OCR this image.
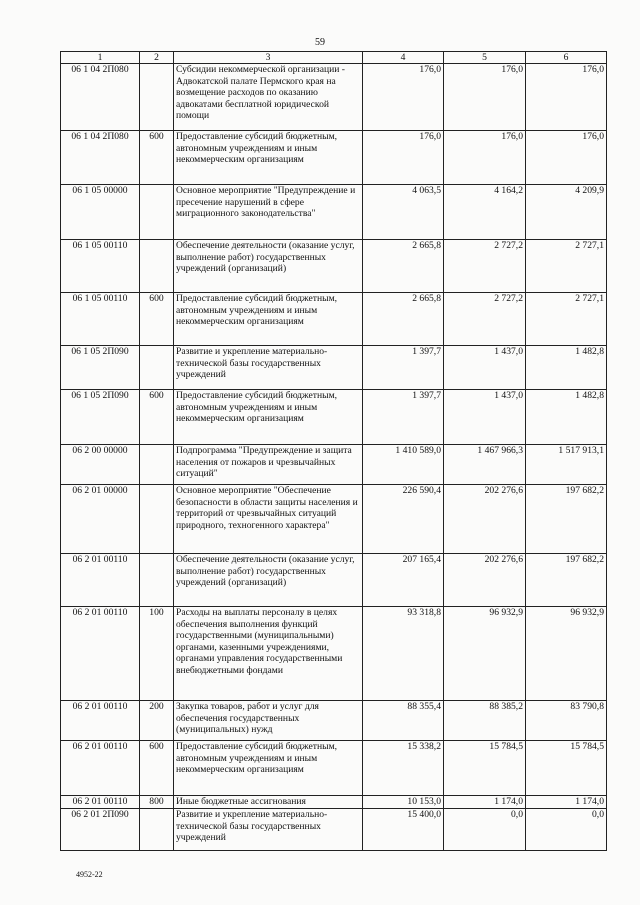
59
1	2	3	4	5	6
06 1 04 2П080		Субсидии некоммерческой организации - Адвокатской палате Пермского края на возмещение расходов по оказанию адвокатами бесплатной юридической помощи	176,0	176,0	176,0
06 1 04 2П080	600	Предоставление субсидий бюджетным, автономным учреждениям и иным некоммерческим организациям	176,0	176,0	176,0
06 1 05 00000		Основное мероприятие "Предупреждение и пресечение нарушений в сфере миграционного законодательства"	4 063,5	4 164,2	4 209,9
06 1 05 00110		Обеспечение деятельности (оказание услуг, выполнение работ) государственных учреждений (организаций)	2 665,8	2 727,2	2 727,1
06 1 05 00110	600	Предоставление субсидий бюджетным, автономным учреждениям и иным некоммерческим организациям	2 665,8	2 727,2	2 727,1
06 1 05 2П090		Развитие и укрепление материально-технической базы государственных учреждений	1 397,7	1 437,0	1 482,8
06 1 05 2П090	600	Предоставление субсидий бюджетным, автономным учреждениям и иным некоммерческим организациям	1 397,7	1 437,0	1 482,8
06 2 00 00000		Подпрограмма "Предупреждение и защита населения от пожаров и чрезвычайных ситуаций"	1 410 589,0	1 467 966,3	1 517 913,1
06 2 01 00000		Основное мероприятие "Обеспечение безопасности в области защиты населения и территорий от чрезвычайных ситуаций природного, техногенного характера"	226 590,4	202 276,6	197 682,2
06 2 01 00110		Обеспечение деятельности (оказание услуг, выполнение работ) государственных учреждений (организаций)	207 165,4	202 276,6	197 682,2
06 2 01 00110	100	Расходы на выплаты персоналу в целях обеспечения выполнения функций государственными (муниципальными) органами, казенными учреждениями, органами управления государственными внебюджетными фондами	93 318,8	96 932,9	96 932,9
06 2 01 00110	200	Закупка товаров, работ и услуг для обеспечения государственных (муниципальных) нужд	88 355,4	88 385,2	83 790,8
06 2 01 00110	600	Предоставление субсидий бюджетным, автономным учреждениям и иным некоммерческим организациям	15 338,2	15 784,5	15 784,5
06 2 01 00110	800	Иные бюджетные ассигнования	10 153,0	1 174,0	1 174,0
06 2 01 2П090		Развитие и укрепление материально-технической базы государственных учреждений	15 400,0	0,0	0,0
4952-22
